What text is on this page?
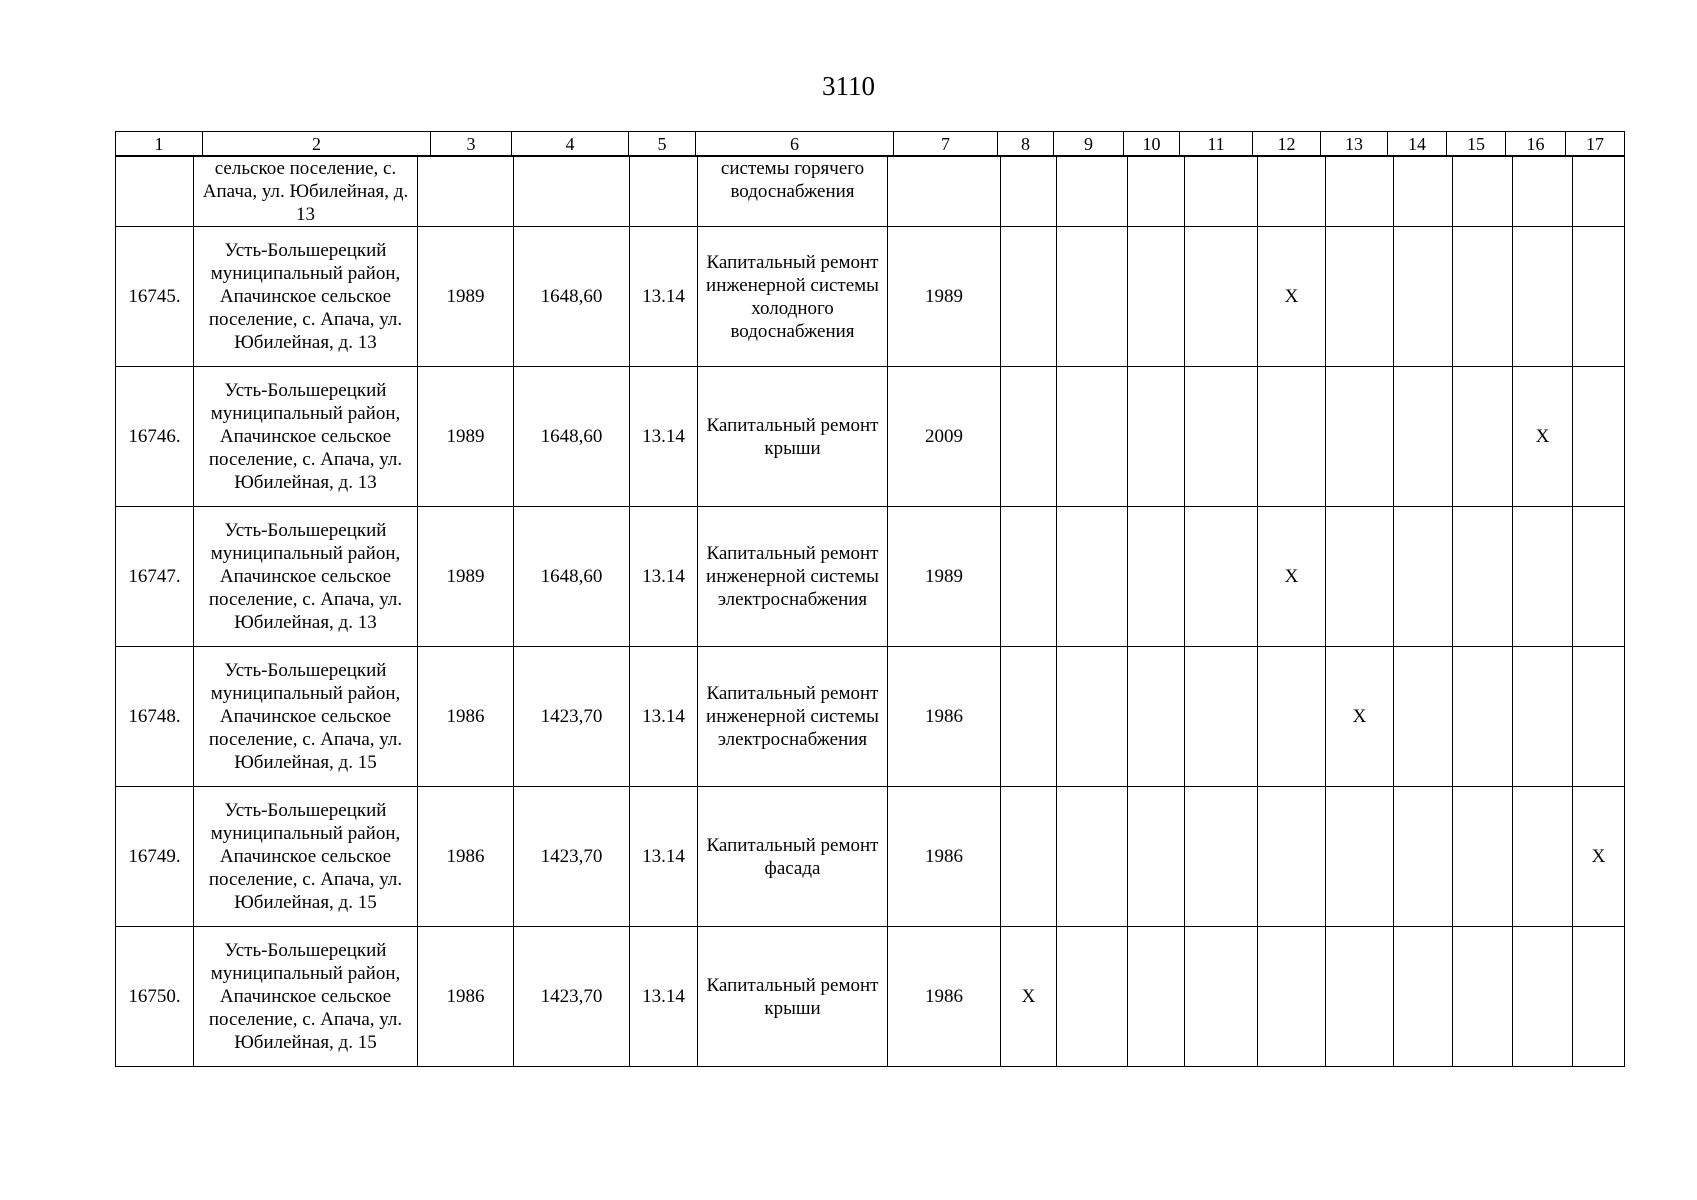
3110
1	2	3	4	5	6	7	8	9	10	11	12	13	14	15	16	17
	сельское поселение, с. Апача, ул. Юбилейная, д. 13				системы горячего водоснабжения											
16745.	Усть-Большерецкий муниципальный район, Апачинское сельское поселение, с. Апача, ул. Юбилейная, д. 13	1989	1648,60	13.14	Капитальный ремонт инженерной системы холодного водоснабжения	1989					X					
16746.	Усть-Большерецкий муниципальный район, Апачинское сельское поселение, с. Апача, ул. Юбилейная, д. 13	1989	1648,60	13.14	Капитальный ремонт крыши	2009									X	
16747.	Усть-Большерецкий муниципальный район, Апачинское сельское поселение, с. Апача, ул. Юбилейная, д. 13	1989	1648,60	13.14	Капитальный ремонт инженерной системы электроснабжения	1989					X					
16748.	Усть-Большерецкий муниципальный район, Апачинское сельское поселение, с. Апача, ул. Юбилейная, д. 15	1986	1423,70	13.14	Капитальный ремонт инженерной системы электроснабжения	1986						X				
16749.	Усть-Большерецкий муниципальный район, Апачинское сельское поселение, с. Апача, ул. Юбилейная, д. 15	1986	1423,70	13.14	Капитальный ремонт фасада	1986										X
16750.	Усть-Большерецкий муниципальный район, Апачинское сельское поселение, с. Апача, ул. Юбилейная, д. 15	1986	1423,70	13.14	Капитальный ремонт крыши	1986	X									
